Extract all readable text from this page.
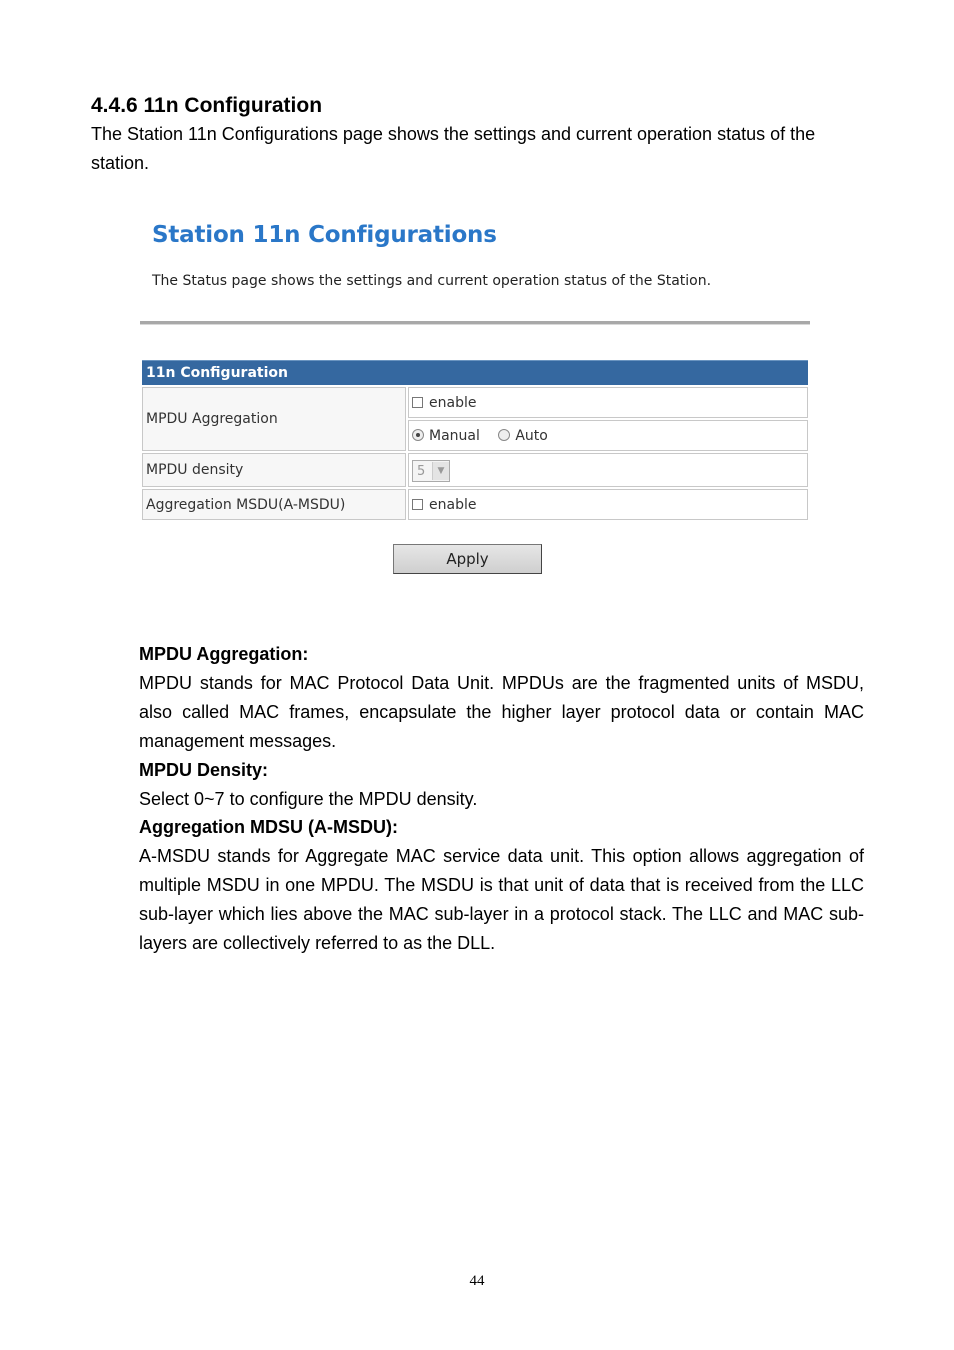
4.4.6 11n Configuration

The Station 11n Configurations page shows the settings and current operation status of the station.

Station 11n Configurations
The Status page shows the settings and current operation status of the Station.
11n Configuration	
MPDU Aggregation	enable
	Manual Auto
MPDU density	5 ▼

Aggregation MSDU(A-MSDU)	enable
Apply
MPDU Aggregation:
MPDU stands for MAC Protocol Data Unit. MPDUs are the fragmented units of MSDU, also called MAC frames, encapsulate the higher layer protocol data or contain MAC management messages.
MPDU Density:
Select 0~7 to configure the MPDU density.
Aggregation MDSU (A-MSDU):
A-MSDU stands for Aggregate MAC service data unit. This option allows aggregation of multiple MSDU in one MPDU. The MSDU is that unit of data that is received from the LLC sub-layer which lies above the MAC sub-layer in a protocol stack. The LLC and MAC sub-layers are collectively referred to as the DLL.
44
